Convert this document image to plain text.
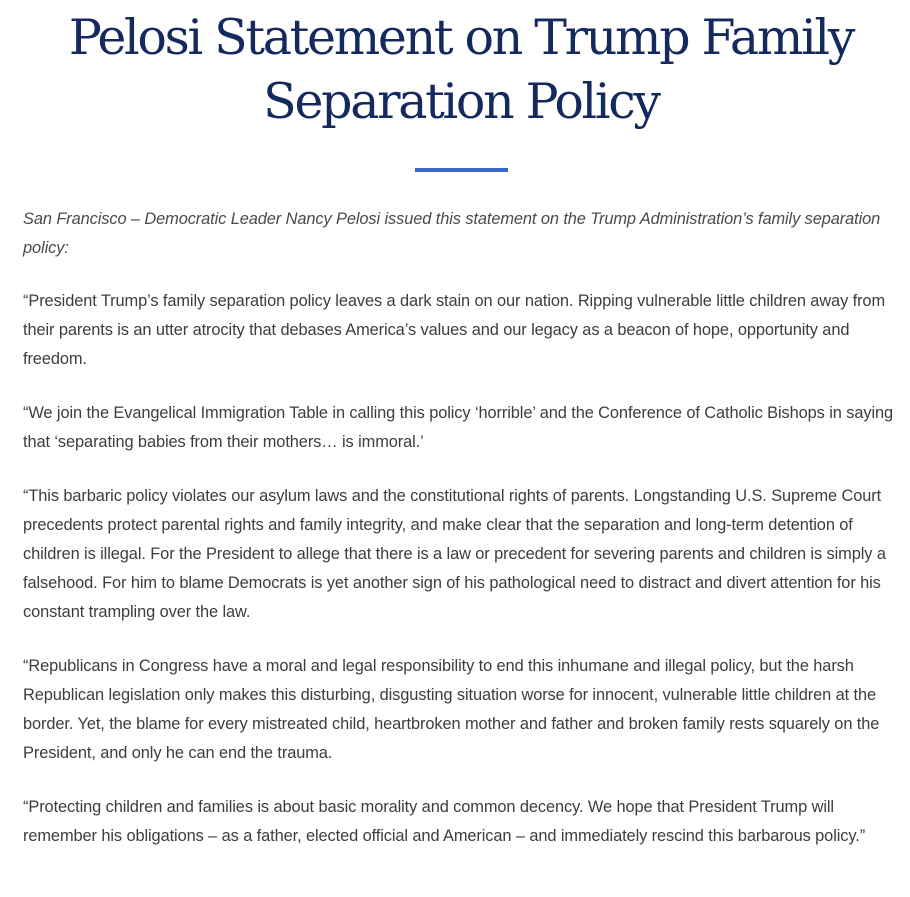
Pelosi Statement on Trump Family Separation Policy

San Francisco – Democratic Leader Nancy Pelosi issued this statement on the Trump Administration’s family separation policy:

“President Trump’s family separation policy leaves a dark stain on our nation. Ripping vulnerable little children away from their parents is an utter atrocity that debases America’s values and our legacy as a beacon of hope, opportunity and freedom.

“We join the Evangelical Immigration Table in calling this policy ‘horrible’ and the Conference of Catholic Bishops in saying that ‘separating babies from their mothers… is immoral.’

“This barbaric policy violates our asylum laws and the constitutional rights of parents. Longstanding U.S. Supreme Court precedents protect parental rights and family integrity, and make clear that the separation and long-term detention of children is illegal. For the President to allege that there is a law or precedent for severing parents and children is simply a falsehood. For him to blame Democrats is yet another sign of his pathological need to distract and divert attention for his constant trampling over the law.

“Republicans in Congress have a moral and legal responsibility to end this inhumane and illegal policy, but the harsh Republican legislation only makes this disturbing, disgusting situation worse for innocent, vulnerable little children at the border. Yet, the blame for every mistreated child, heartbroken mother and father and broken family rests squarely on the President, and only he can end the trauma.

“Protecting children and families is about basic morality and common decency. We hope that President Trump will remember his obligations – as a father, elected official and American – and immediately rescind this barbarous policy.”
